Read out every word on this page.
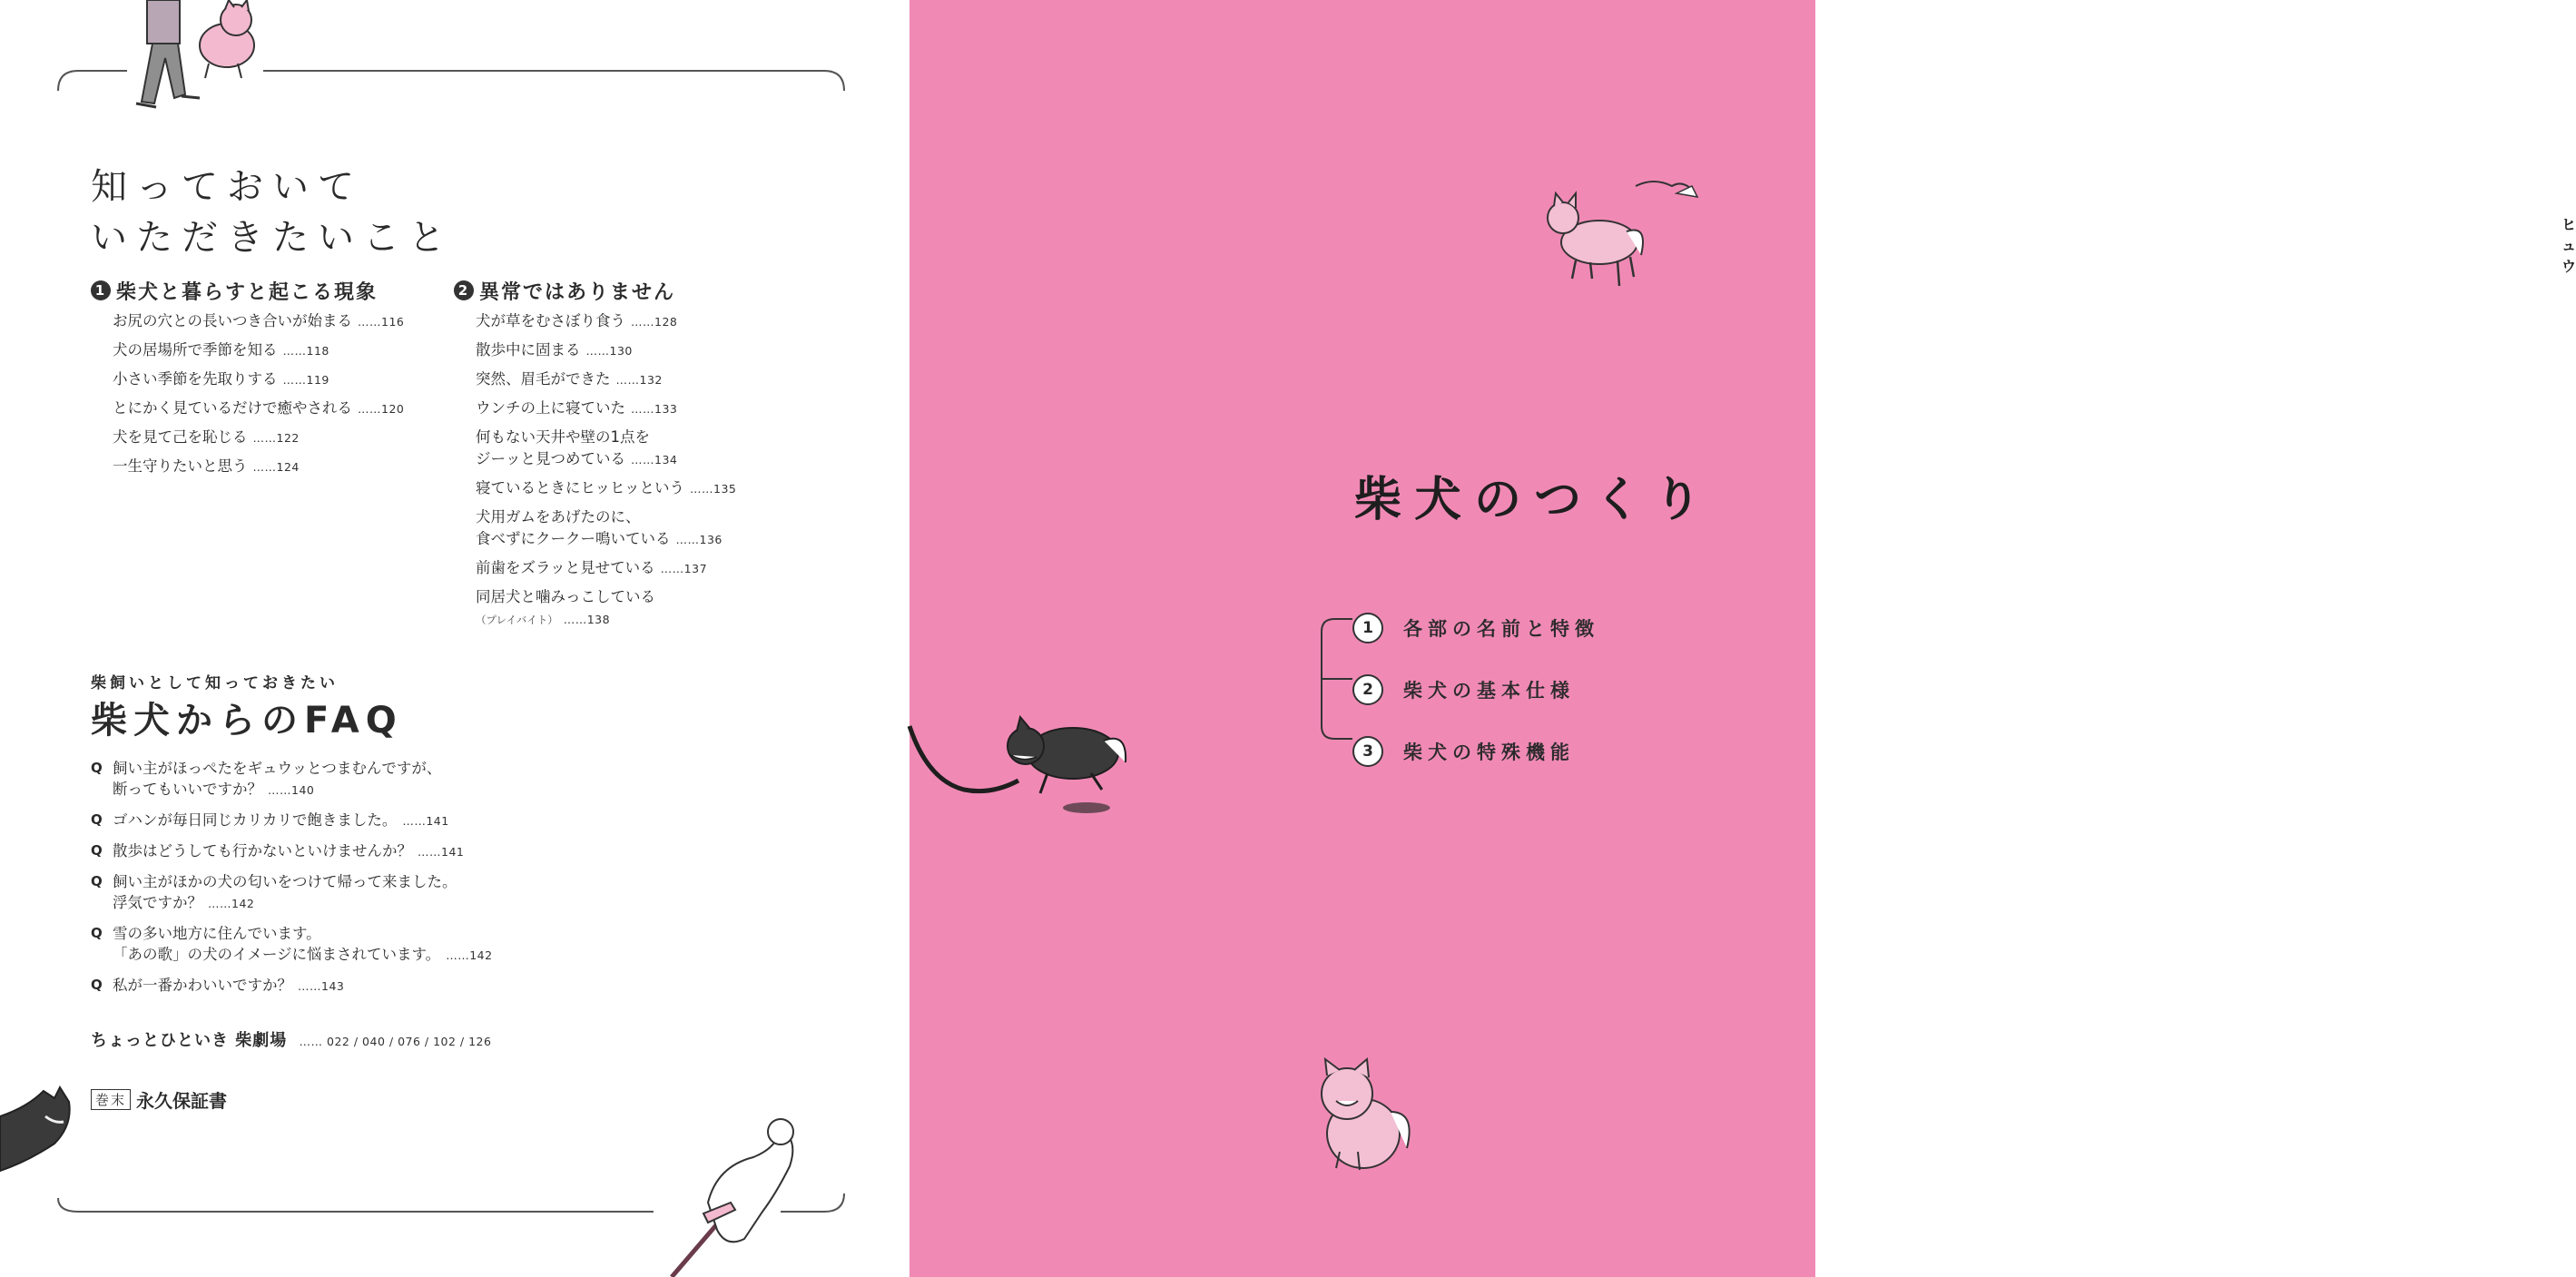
知っておいて
いただきたいこと
1 柴犬と暮らすと起こる現象
お尻の穴との長いつき合いが始まる ……116
犬の居場所で季節を知る ……118
小さい季節を先取りする ……119
とにかく見ているだけで癒やされる ……120
犬を見て己を恥じる ……122
一生守りたいと思う ……124
2 異常ではありません
犬が草をむさぼり食う ……128
散歩中に固まる ……130
突然、眉毛ができた ……132
ウンチの上に寝ていた ……133
何もない天井や壁の1点を
ジーッと見つめている ……134
寝ているときにヒッヒッという ……135
犬用ガムをあげたのに、
食べずにクークー鳴いている ……136
前歯をズラッと見せている ……137
同居犬と噛みっこしている
（プレイバイト） ……138
柴飼いとして知っておきたい
柴犬からのFAQ
Q 飼い主がほっぺたをギュウッとつまむんですが、
断ってもいいですか？ ……140
Q ゴハンが毎日同じカリカリで飽きました。 ……141
Q 散歩はどうしても行かないといけませんか？ ……141
Q 飼い主がほかの犬の匂いをつけて帰って来ました。
浮気ですか？ ……142
Q 雪の多い地方に住んでいます。
「あの歌」の犬のイメージに悩まされています。 ……142
Q 私が一番かわいいですか？ ……143
ちょっとひといき 柴劇場 …… 022 / 040 / 076 / 102 / 126
巻末 永久保証書
ヒュウ
柴犬のつくり
1	各部の名前と特徴
2	柴犬の基本仕様
3	柴犬の特殊機能
